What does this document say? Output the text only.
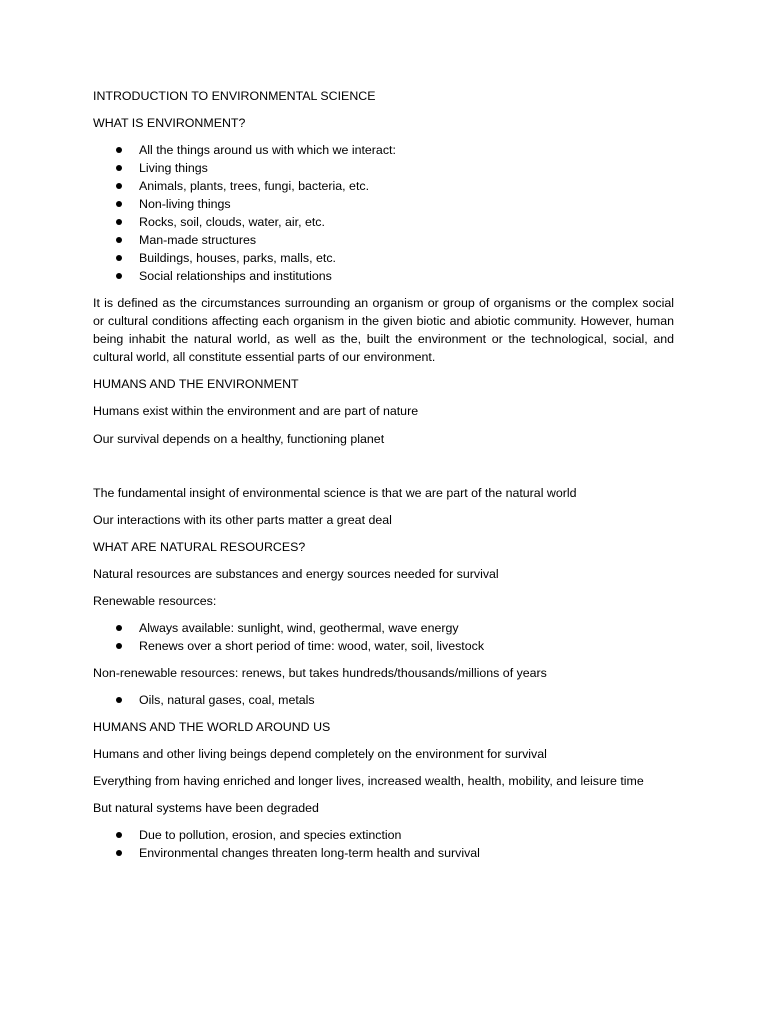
INTRODUCTION TO ENVIRONMENTAL SCIENCE

WHAT IS ENVIRONMENT?

All the things around us with which we interact:
Living things
Animals, plants, trees, fungi, bacteria, etc.
Non-living things
Rocks, soil, clouds, water, air, etc.
Man-made structures
Buildings, houses, parks, malls, etc.
Social relationships and institutions

It is defined as the circumstances surrounding an organism or group of organisms or the complex social or cultural conditions affecting each organism in the given biotic and abiotic community. However, human being inhabit the natural world, as well as the, built the environment or the technological, social, and cultural world, all constitute essential parts of our environment.

HUMANS AND THE ENVIRONMENT

Humans exist within the environment and are part of nature

Our survival depends on a healthy, functioning planet

The fundamental insight of environmental science is that we are part of the natural world

Our interactions with its other parts matter a great deal

WHAT ARE NATURAL RESOURCES?

Natural resources are substances and energy sources needed for survival

Renewable resources:

Always available: sunlight, wind, geothermal, wave energy
Renews over a short period of time: wood, water, soil, livestock

Non-renewable resources: renews, but takes hundreds/thousands/millions of years

Oils, natural gases, coal, metals

HUMANS AND THE WORLD AROUND US

Humans and other living beings depend completely on the environment for survival

Everything from having enriched and longer lives, increased wealth, health, mobility, and leisure time

But natural systems have been degraded

Due to pollution, erosion, and species extinction
Environmental changes threaten long-term health and survival
